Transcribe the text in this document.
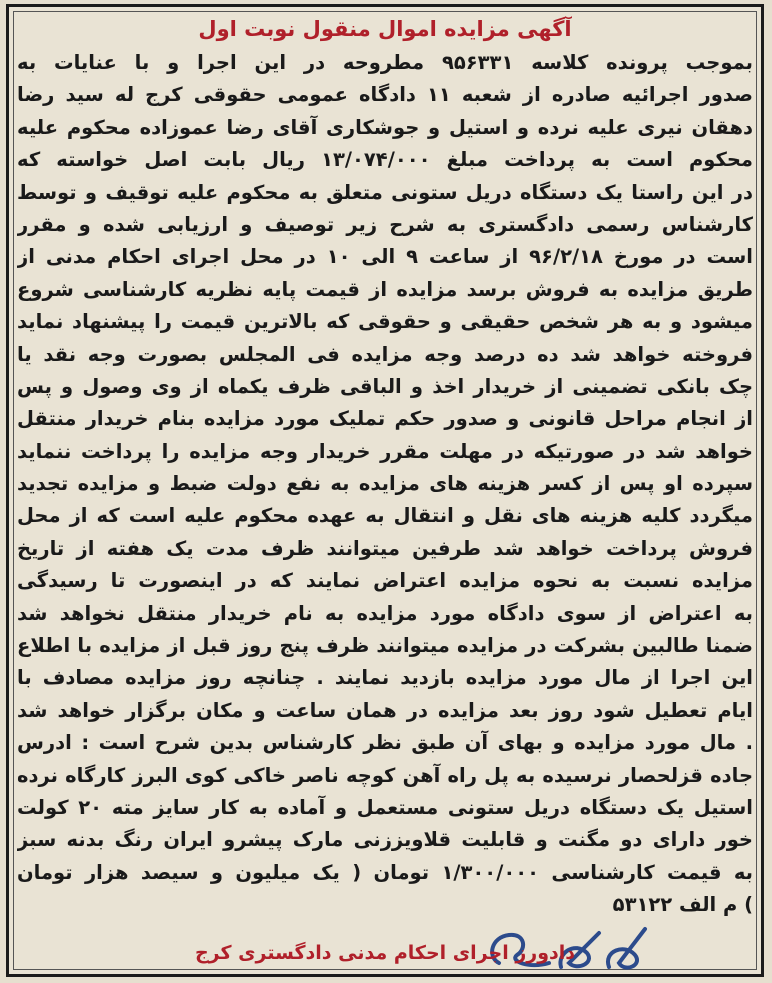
آگهی مزایده اموال منقول نوبت اول
بموجب پرونده کلاسه ۹۵۶۳۳۱ مطروحه در این اجرا و با عنایات به
صدور اجرائیه صادره از شعبه ۱۱ دادگاه عمومی حقوقی کرج له سید رضا
دهقان نیری علیه نرده و استیل و جوشکاری آقای رضا عموزاده محکوم علیه
محکوم است به پرداخت مبلغ ۱۳/۰۷۴/۰۰۰ ریال بابت اصل خواسته که
در این راستا یک دستگاه دریل ستونی متعلق به محکوم علیه توقیف و توسط
کارشناس رسمی دادگستری به شرح زیر توصیف و ارزیابی شده و مقرر
است در مورخ ۹۶/۲/۱۸ از ساعت ۹ الی ۱۰ در محل اجرای احکام مدنی از
طریق مزایده به فروش برسد مزایده از قیمت پایه نظریه کارشناسی شروع
میشود و به هر شخص حقیقی و حقوقی که بالاترین قیمت را پیشنهاد نماید
فروخته خواهد شد ده درصد وجه مزایده فی المجلس بصورت وجه نقد یا
چک بانکی تضمینی از خریدار اخذ و الباقی ظرف یکماه از وی وصول و پس
از انجام مراحل قانونی و صدور حکم تملیک مورد مزایده بنام خریدار منتقل
خواهد شد در صورتیکه در مهلت مقرر خریدار وجه مزایده را پرداخت ننماید
سپرده او پس از کسر هزینه های مزایده به نفع دولت ضبط و مزایده تجدید
میگردد کلیه هزینه های نقل و انتقال به عهده محکوم علیه است که از محل
فروش پرداخت خواهد شد طرفین میتوانند ظرف مدت یک هفته از تاریخ
مزایده نسبت به نحوه مزایده اعتراض نمایند که در اینصورت تا رسیدگی
به اعتراض از سوی دادگاه مورد مزایده به نام خریدار منتقل نخواهد شد
ضمنا طالبین بشرکت در مزایده میتوانند ظرف پنج روز قبل از مزایده با اطلاع
این اجرا از مال مورد مزایده بازدید نمایند . چنانچه روز مزایده مصادف با
ایام تعطیل شود روز بعد مزایده در همان ساعت و مکان برگزار خواهد شد
. مال مورد مزایده و بهای آن طبق نظر کارشناس بدین شرح است : ادرس
جاده قزلحصار نرسیده به پل راه آهن کوچه ناصر خاکی کوی البرز کارگاه نرده
استیل یک دستگاه دریل ستونی مستعمل و آماده به کار سایز مته ۲۰ کولت
خور دارای دو مگنت و قابلیت قلاویززنی مارک پیشرو ایران رنگ بدنه سبز
به قیمت کارشناسی ۱/۳۰۰/۰۰۰ تومان ( یک میلیون و سیصد هزار تومان
) م الف ۵۳۱۲۲
دادورز اجرای احکام مدنی دادگستری کرج
